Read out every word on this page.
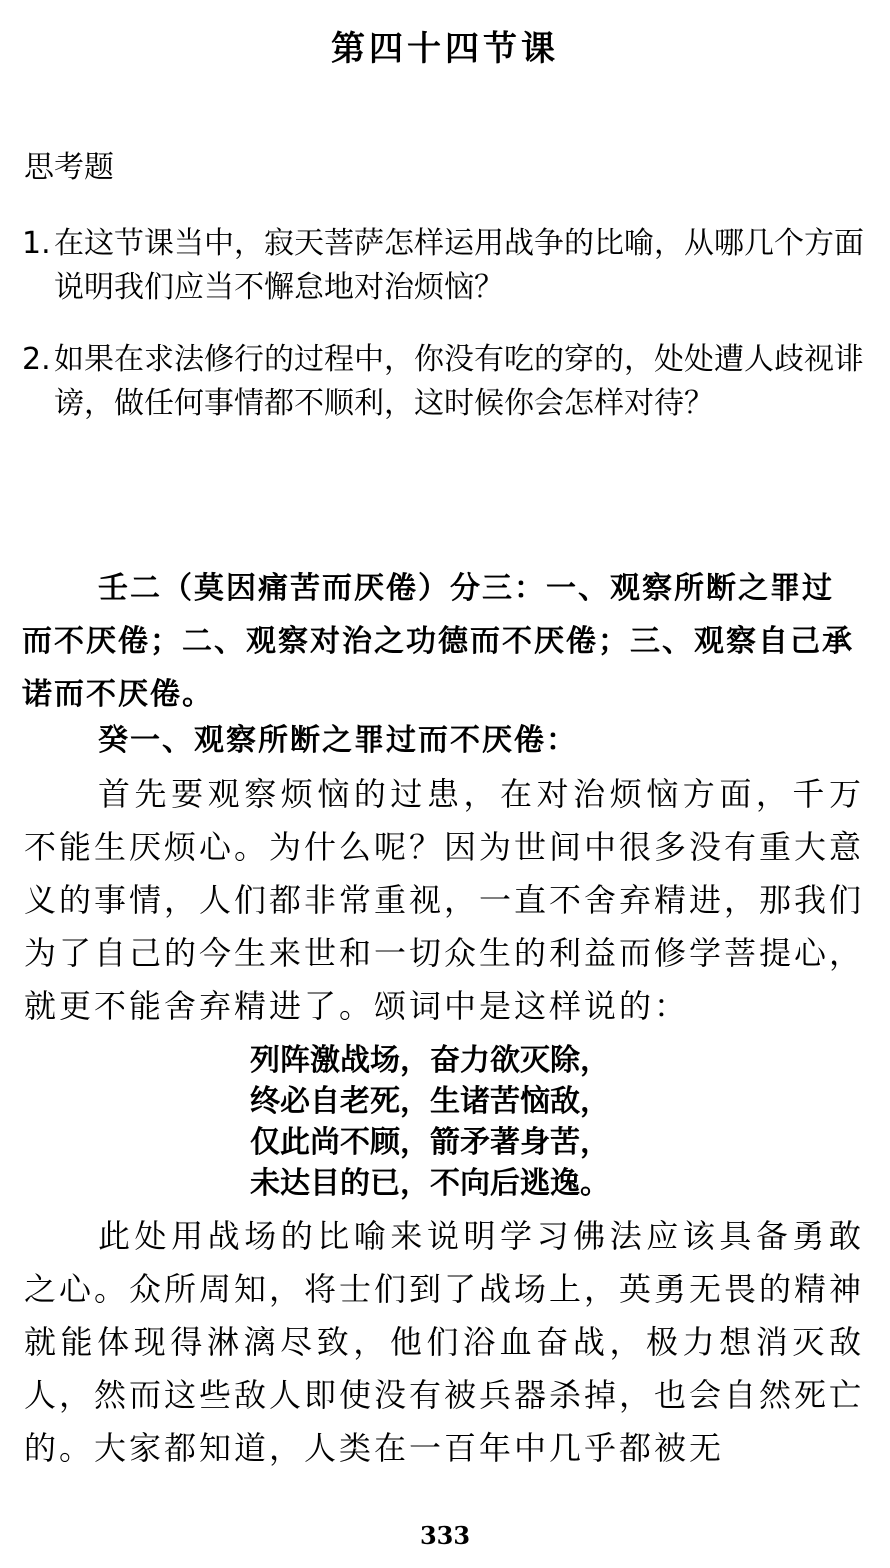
第四十四节课
思考题
1. 在这节课当中，寂天菩萨怎样运用战争的比喻，从哪几个方面说明我们应当不懈怠地对治烦恼？
2. 如果在求法修行的过程中，你没有吃的穿的，处处遭人歧视诽谤，做任何事情都不顺利，这时候你会怎样对待？
壬二（莫因痛苦而厌倦）分三：一、观察所断之罪过而不厌倦；二、观察对治之功德而不厌倦；三、观察自己承诺而不厌倦。
癸一、观察所断之罪过而不厌倦：
首先要观察烦恼的过患，在对治烦恼方面，千万不能生厌烦心。为什么呢？因为世间中很多没有重大意义的事情，人们都非常重视，一直不舍弃精进，那我们为了自己的今生来世和一切众生的利益而修学菩提心，就更不能舍弃精进了。颂词中是这样说的：
列阵激战场，奋力欲灭除，
终必自老死，生诸苦恼敌，
仅此尚不顾，箭矛著身苦，
未达目的已，不向后逃逸。
此处用战场的比喻来说明学习佛法应该具备勇敢之心。众所周知，将士们到了战场上，英勇无畏的精神就能体现得淋漓尽致，他们浴血奋战，极力想消灭敌人，然而这些敌人即使没有被兵器杀掉，也会自然死亡的。大家都知道，人类在一百年中几乎都被无
333
